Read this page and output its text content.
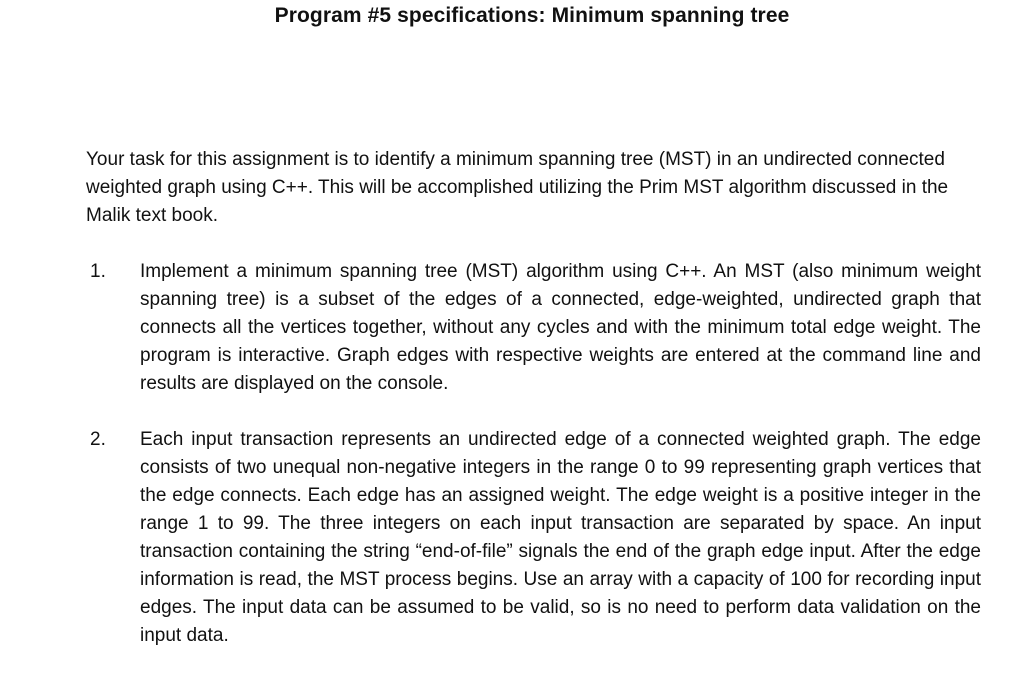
Program #5 specifications: Minimum spanning tree
Your task for this assignment is to identify a minimum spanning tree (MST) in an undirected connected weighted graph using C++. This will be accomplished utilizing the Prim MST algorithm discussed in the Malik text book.
1. Implement a minimum spanning tree (MST) algorithm using C++. An MST (also minimum weight spanning tree) is a subset of the edges of a connected, edge-weighted, undirected graph that connects all the vertices together, without any cycles and with the minimum total edge weight. The program is interactive. Graph edges with respective weights are entered at the command line and results are displayed on the console.
2. Each input transaction represents an undirected edge of a connected weighted graph. The edge consists of two unequal non-negative integers in the range 0 to 99 representing graph vertices that the edge connects. Each edge has an assigned weight. The edge weight is a positive integer in the range 1 to 99. The three integers on each input transaction are separated by space. An input transaction containing the string “end-of-file” signals the end of the graph edge input. After the edge information is read, the MST process begins. Use an array with a capacity of 100 for recording input edges. The input data can be assumed to be valid, so is no need to perform data validation on the input data.
